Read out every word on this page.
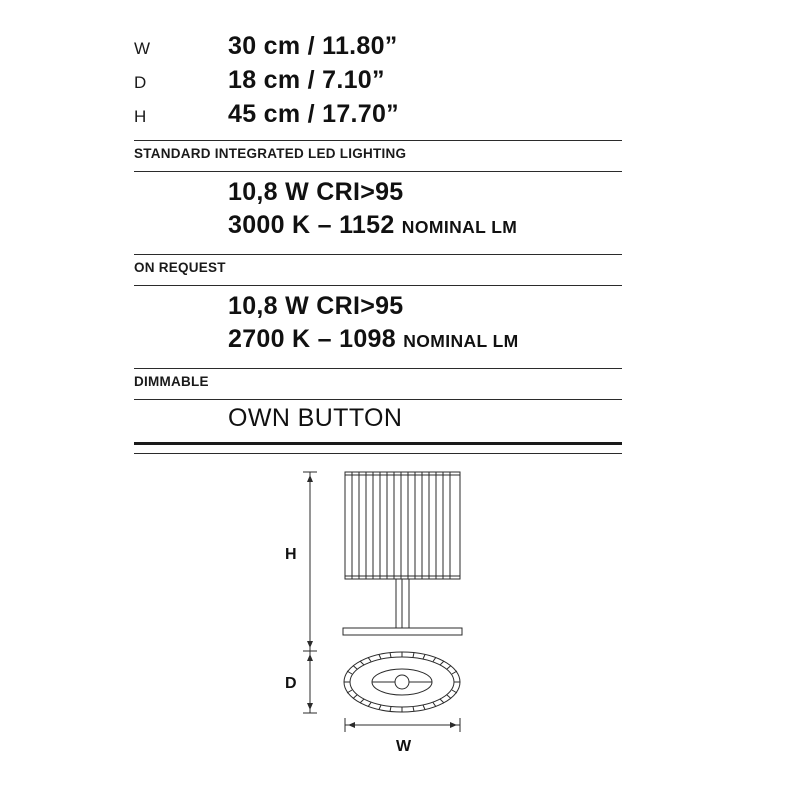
W	30 cm / 11.80”
D	18 cm / 7.10”
H	45 cm / 17.70”
STANDARD INTEGRATED LED LIGHTING
10,8 W CRI>95
3000 K – 1152 NOMINAL LM
ON REQUEST
10,8 W CRI>95
2700 K – 1098 NOMINAL LM
DIMMABLE
OWN BUTTON
H
D
W
